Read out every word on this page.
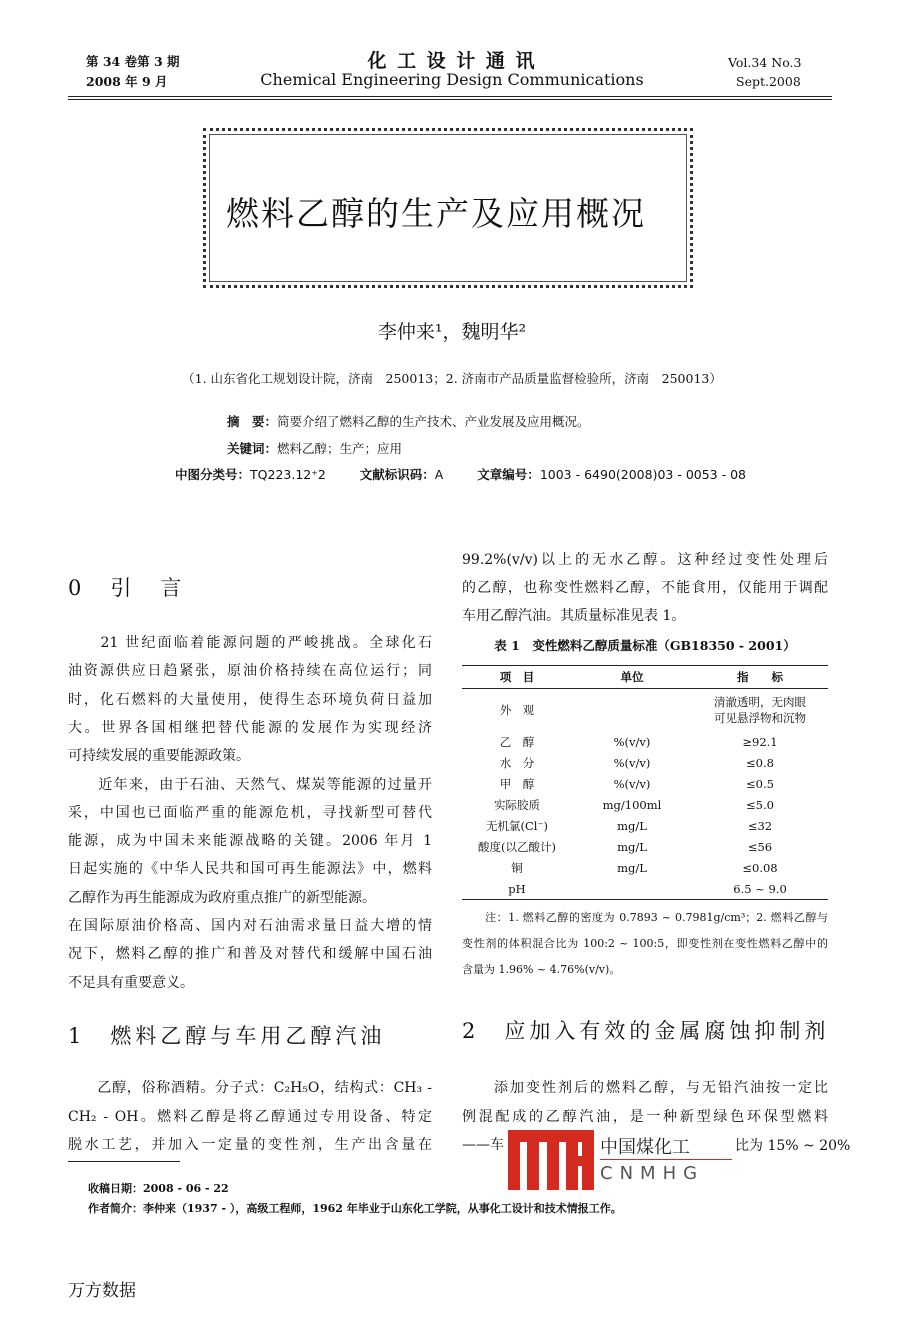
第 34 卷第 3 期
2008 年 9 月
化 工 设 计 通 讯
Chemical Engineering Design Communications
Vol.34 No.3
Sept.2008
燃料乙醇的生产及应用概况
李仲来¹，魏明华²
（1. 山东省化工规划设计院，济南　250013；2. 济南市产品质量监督检验所，济南　250013）
摘　要：简要介绍了燃料乙醇的生产技术、产业发展及应用概况。
关键词：燃料乙醇；生产；应用
中图分类号：TQ223.12⁺2	文献标识码：A	文章编号：1003 - 6490(2008)03 - 0053 - 08
0　引　言
　　21 世纪面临着能源问题的严峻挑战。全球化石
油资源供应日趋紧张，原油价格持续在高位运行；同
时，化石燃料的大量使用，使得生态环境负荷日益加
大。世界各国相继把替代能源的发展作为实现经济
可持续发展的重要能源政策。
　　近年来，由于石油、天然气、煤炭等能源的过量开
采，中国也已面临严重的能源危机，寻找新型可替代
能源，成为中国未来能源战略的关键。2006 年月 1
日起实施的《中华人民共和国可再生能源法》中，燃料
乙醇作为再生能源成为政府重点推广的新型能源。
在国际原油价格高、国内对石油需求量日益大增的情
况下，燃料乙醇的推广和普及对替代和缓解中国石油
不足具有重要意义。
1　燃料乙醇与车用乙醇汽油
　　乙醇，俗称酒精。分子式：C₂H₅O，结构式：CH₃ -
CH₂ - OH。燃料乙醇是将乙醇通过专用设备、特定
脱水工艺，并加入一定量的变性剂，生产出含量在
99.2%(v/v)以上的无水乙醇。这种经过变性处理后
的乙醇，也称变性燃料乙醇，不能食用，仅能用于调配
车用乙醇汽油。其质量标准见表 1。
表 1　变性燃料乙醇质量标准（GB18350 - 2001）
项　目	单位	指　　标
外　观		清澈透明，无肉眼
可见悬浮物和沉物
乙　醇	%(v/v)	≥92.1
水　分	%(v/v)	≤0.8
甲　醇	%(v/v)	≤0.5
实际胶质	mg/100ml	≤5.0
无机氯(Cl⁻)	mg/L	≤32
酸度(以乙酸计)	mg/L	≤56
铜	mg/L	≤0.08
pH		6.5 ~ 9.0
　　注：1. 燃料乙醇的密度为 0.7893 ~ 0.7981g/cm³；2. 燃料乙醇与
变性剂的体积混合比为 100:2 ~ 100:5，即变性剂在变性燃料乙醇中的
含量为 1.96% ~ 4.76%(v/v)。
2　应加入有效的金属腐蚀抑制剂
　　添加变性剂后的燃料乙醇，与无铅汽油按一定比
例混配成的乙醇汽油，是一种新型绿色环保型燃料
——车	比为 15% ~ 20%
中国煤化工
CNMHG
收稿日期：2008 - 06 - 22
作者简介：李仲来（1937 - ），高级工程师，1962 年毕业于山东化工学院，从事化工设计和技术情报工作。
万方数据
